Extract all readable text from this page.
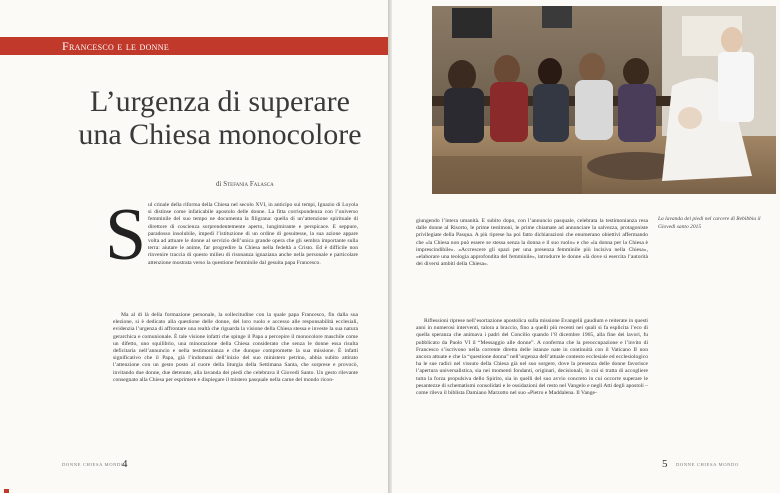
Francesco e le donne
L’urgenza di superare
una Chiesa monocolore
di Stefania Falasca
S ul crinale della riforma della Chiesa nel secolo XVI, in anticipo sui tempi, Ignazio di Loyola si distinse come infaticabile apostolo delle donne. La fitta corrispondenza con l’universo femminile del suo tempo ne documenta la filigrana: quella di un’attenzione spirituale di direttore di coscienza sorprendentemente aperto, lungimirante e perspicace. E seppure, paradosso insolubile, impedì l’istituzione di un ordine di gesuitesse, la sua azione appare volta ad attuare le donne al servizio dell’unica grande opera che gli sembra importante sulla terra: aiutare le anime, far progredire la Chiesa nella fedeltà a Cristo. Ed è difficile non rinvenire traccia di questo milieu di risonanza ignaziana anche nella personale e particolare attenzione mostrata verso la questione femminile dal gesuita papa Francesco.

Ma al di là della formazione personale, la sollecitudine con la quale papa Francesco, fin dalla sua elezione, si è dedicato alla questione delle donne, del loro ruolo e accesso alle responsabilità ecclesiali, evidenzia l’urgenza di affrontare una realtà che riguarda la visione della Chiesa stessa e investe la sua natura gerarchica e comunionale. È tale visione infatti che spinge il Papa a percepire il monocolore maschile come un difetto, uno squilibrio, una minorazione della Chiesa considerato che senza le donne essa risulta deficitaria nell’annuncio e nella testimonianza e che dunque compromette la sua missione. È infatti significativo che il Papa, già l’indomani dell’inizio del suo ministero petrino, abbia subito attirato l’attenzione con un gesto posto al cuore della liturgia della Settimana Santa, che sorprese e provocò, invitando due donne, due detenute, alla lavanda dei piedi che celebrava il Giovedì Santo. Un gesto rilevante consegnato alla Chiesa per esprimere e dispiegare il mistero pasquale nella carne del mondo ricon-

DONNE CHIESA MONDO
4
La lavanda dei piedi nel carcere di Rebibbia il Giovedì santo 2015

giungendo l’intera umanità. E subito dopo, con l’annuncio pasquale, celebrata la testimonianza resa dalle donne al Risorto, le prime testimoni, le prime chiamate ad annunciare la salvezza, protagoniste privilegiate della Pasqua. A più riprese ha poi fatto dichiarazioni che enumerano obiettivi affermando che «la Chiesa non può essere se stessa senza la donna e il suo ruolo» e che «la donna per la Chiesa è imprescindibile». «Accrescere gli spazi per una presenza femminile più incisiva nella Chiesa», «elaborare una teologia approfondita del femminile», introdurre le donne «là dove si esercita l’autorità dei diversi ambiti della Chiesa».

Riflessioni riprese nell’esortazione apostolica sulla missione Evangelii gaudium e reiterate in questi anni in numerosi interventi, talora a braccio, fino a quelli più recenti nei quali si fa esplicita l’eco di quella speranza che animava i padri del Concilio quando l’8 dicembre 1965, alla fine dei lavori, fu pubblicato da Paolo VI il “Messaggio alle donne”. A conferma che la preoccupazione e l’invito di Francesco s’iscrivono nella corrente diretta delle istanze nate in continuità con il Vaticano II non ancora attuate e che la “questione donna” nell’urgenza dell’attuale contesto ecclesiale ed ecclesiologico ha le sue radici nel vissuto della Chiesa già nel suo sorgere, dove la presenza delle donne favorisce l’apertura universalistica, sia nei momenti fondanti, originari, decisionali, in cui si tratta di accogliere tutta la forza propulsiva dello Spirito, sia in quelli del suo avvio concreto in cui occorre superare le pesantezze di schematismi consolidati e le ossidazioni del resto nel Vangelo e negli Atti degli apostoli – come rileva il biblista Damiano Marzotto nel suo «Pietro e Maddalena. Il Vange-

5 DONNE CHIESA MONDO
